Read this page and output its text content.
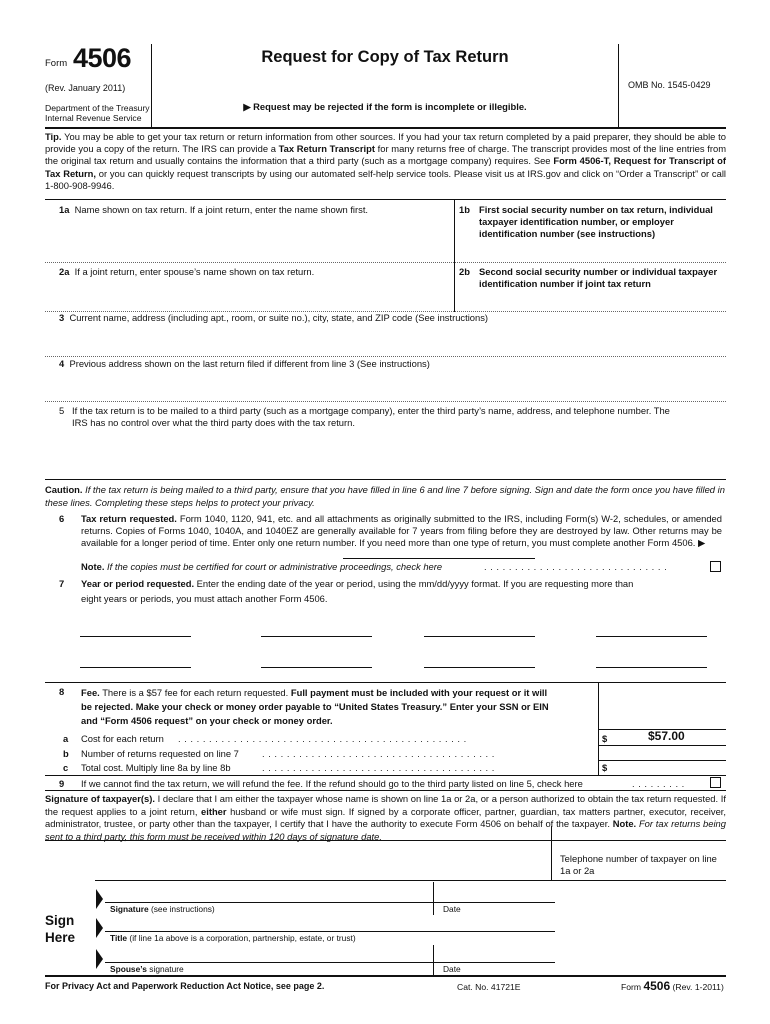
Form 4506
(Rev. January 2011)
Department of the Treasury
Internal Revenue Service
Request for Copy of Tax Return
▶ Request may be rejected if the form is incomplete or illegible.
OMB No. 1545-0429
Tip. You may be able to get your tax return or return information from other sources. If you had your tax return completed by a paid preparer, they should be able to provide you a copy of the return. The IRS can provide a Tax Return Transcript for many returns free of charge. The transcript provides most of the line entries from the original tax return and usually contains the information that a third party (such as a mortgage company) requires. See Form 4506-T, Request for Transcript of Tax Return, or you can quickly request transcripts by using our automated self-help service tools. Please visit us at IRS.gov and click on “Order a Transcript” or call 1-800-908-9946.
1a Name shown on tax return. If a joint return, enter the name shown first.	1b First social security number on tax return, individual taxpayer identification number, or employer identification number (see instructions)
2a If a joint return, enter spouse’s name shown on tax return.	2b Second social security number or individual taxpayer identification number if joint tax return
3 Current name, address (including apt., room, or suite no.), city, state, and ZIP code (See instructions)
4 Previous address shown on the last return filed if different from line 3 (See instructions)
5 If the tax return is to be mailed to a third party (such as a mortgage company), enter the third party’s name, address, and telephone number. The IRS has no control over what the third party does with the tax return.
Caution. If the tax return is being mailed to a third party, ensure that you have filled in line 6 and line 7 before signing. Sign and date the form once you have filled in these lines. Completing these steps helps to protect your privacy.
6 Tax return requested. Form 1040, 1120, 941, etc. and all attachments as originally submitted to the IRS, including Form(s) W-2, schedules, or amended returns. Copies of Forms 1040, 1040A, and 1040EZ are generally available for 7 years from filing before they are destroyed by law. Other returns may be available for a longer period of time. Enter only one return number. If you need more than one type of return, you must complete another Form 4506. ▶
Note. If the copies must be certified for court or administrative proceedings, check here	. . . . . . . . . . . . . . . . . . . . . . . . . . . . . .
7 Year or period requested. Enter the ending date of the year or period, using the mm/dd/yyyy format. If you are requesting more than
eight years or periods, you must attach another Form 4506.
8 Fee. There is a $57 fee for each return requested. Full payment must be included with your request or it will
be rejected. Make your check or money order payable to “United States Treasury.” Enter your SSN or EIN
and “Form 4506 request” on your check or money order.
a Cost for each return . . . . . . . . . . . . . . . . . . . . . . . . . . . . . . . . . . . . . . . . . . . . . . .	$	$57.00
b Number of returns requested on line 7 . . . . . . . . . . . . . . . . . . . . . . . . . . . . . . . . . . . . . .
c Total cost. Multiply line 8a by line 8b	. . . . . . . . . . . . . . . . . . . . . . . . . . . . . . . . . . . . . .	$
9 If we cannot find the tax return, we will refund the fee. If the refund should go to the third party listed on line 5, check here	. . . . . . . . .
Signature of taxpayer(s). I declare that I am either the taxpayer whose name is shown on line 1a or 2a, or a person authorized to obtain the tax return requested. If the request applies to a joint return, either husband or wife must sign. If signed by a corporate officer, partner, guardian, tax matters partner, executor, receiver, administrator, trustee, or party other than the taxpayer, I certify that I have the authority to execute Form 4506 on behalf of the taxpayer. Note. For tax returns being sent to a third party, this form must be received within 120 days of signature date.
Telephone number of taxpayer on line 1a or 2a
Sign
Here
Signature (see instructions)	Date
Title (if line 1a above is a corporation, partnership, estate, or trust)
Spouse’s signature	Date
For Privacy Act and Paperwork Reduction Act Notice, see page 2.	Cat. No. 41721E	Form 4506 (Rev. 1-2011)
